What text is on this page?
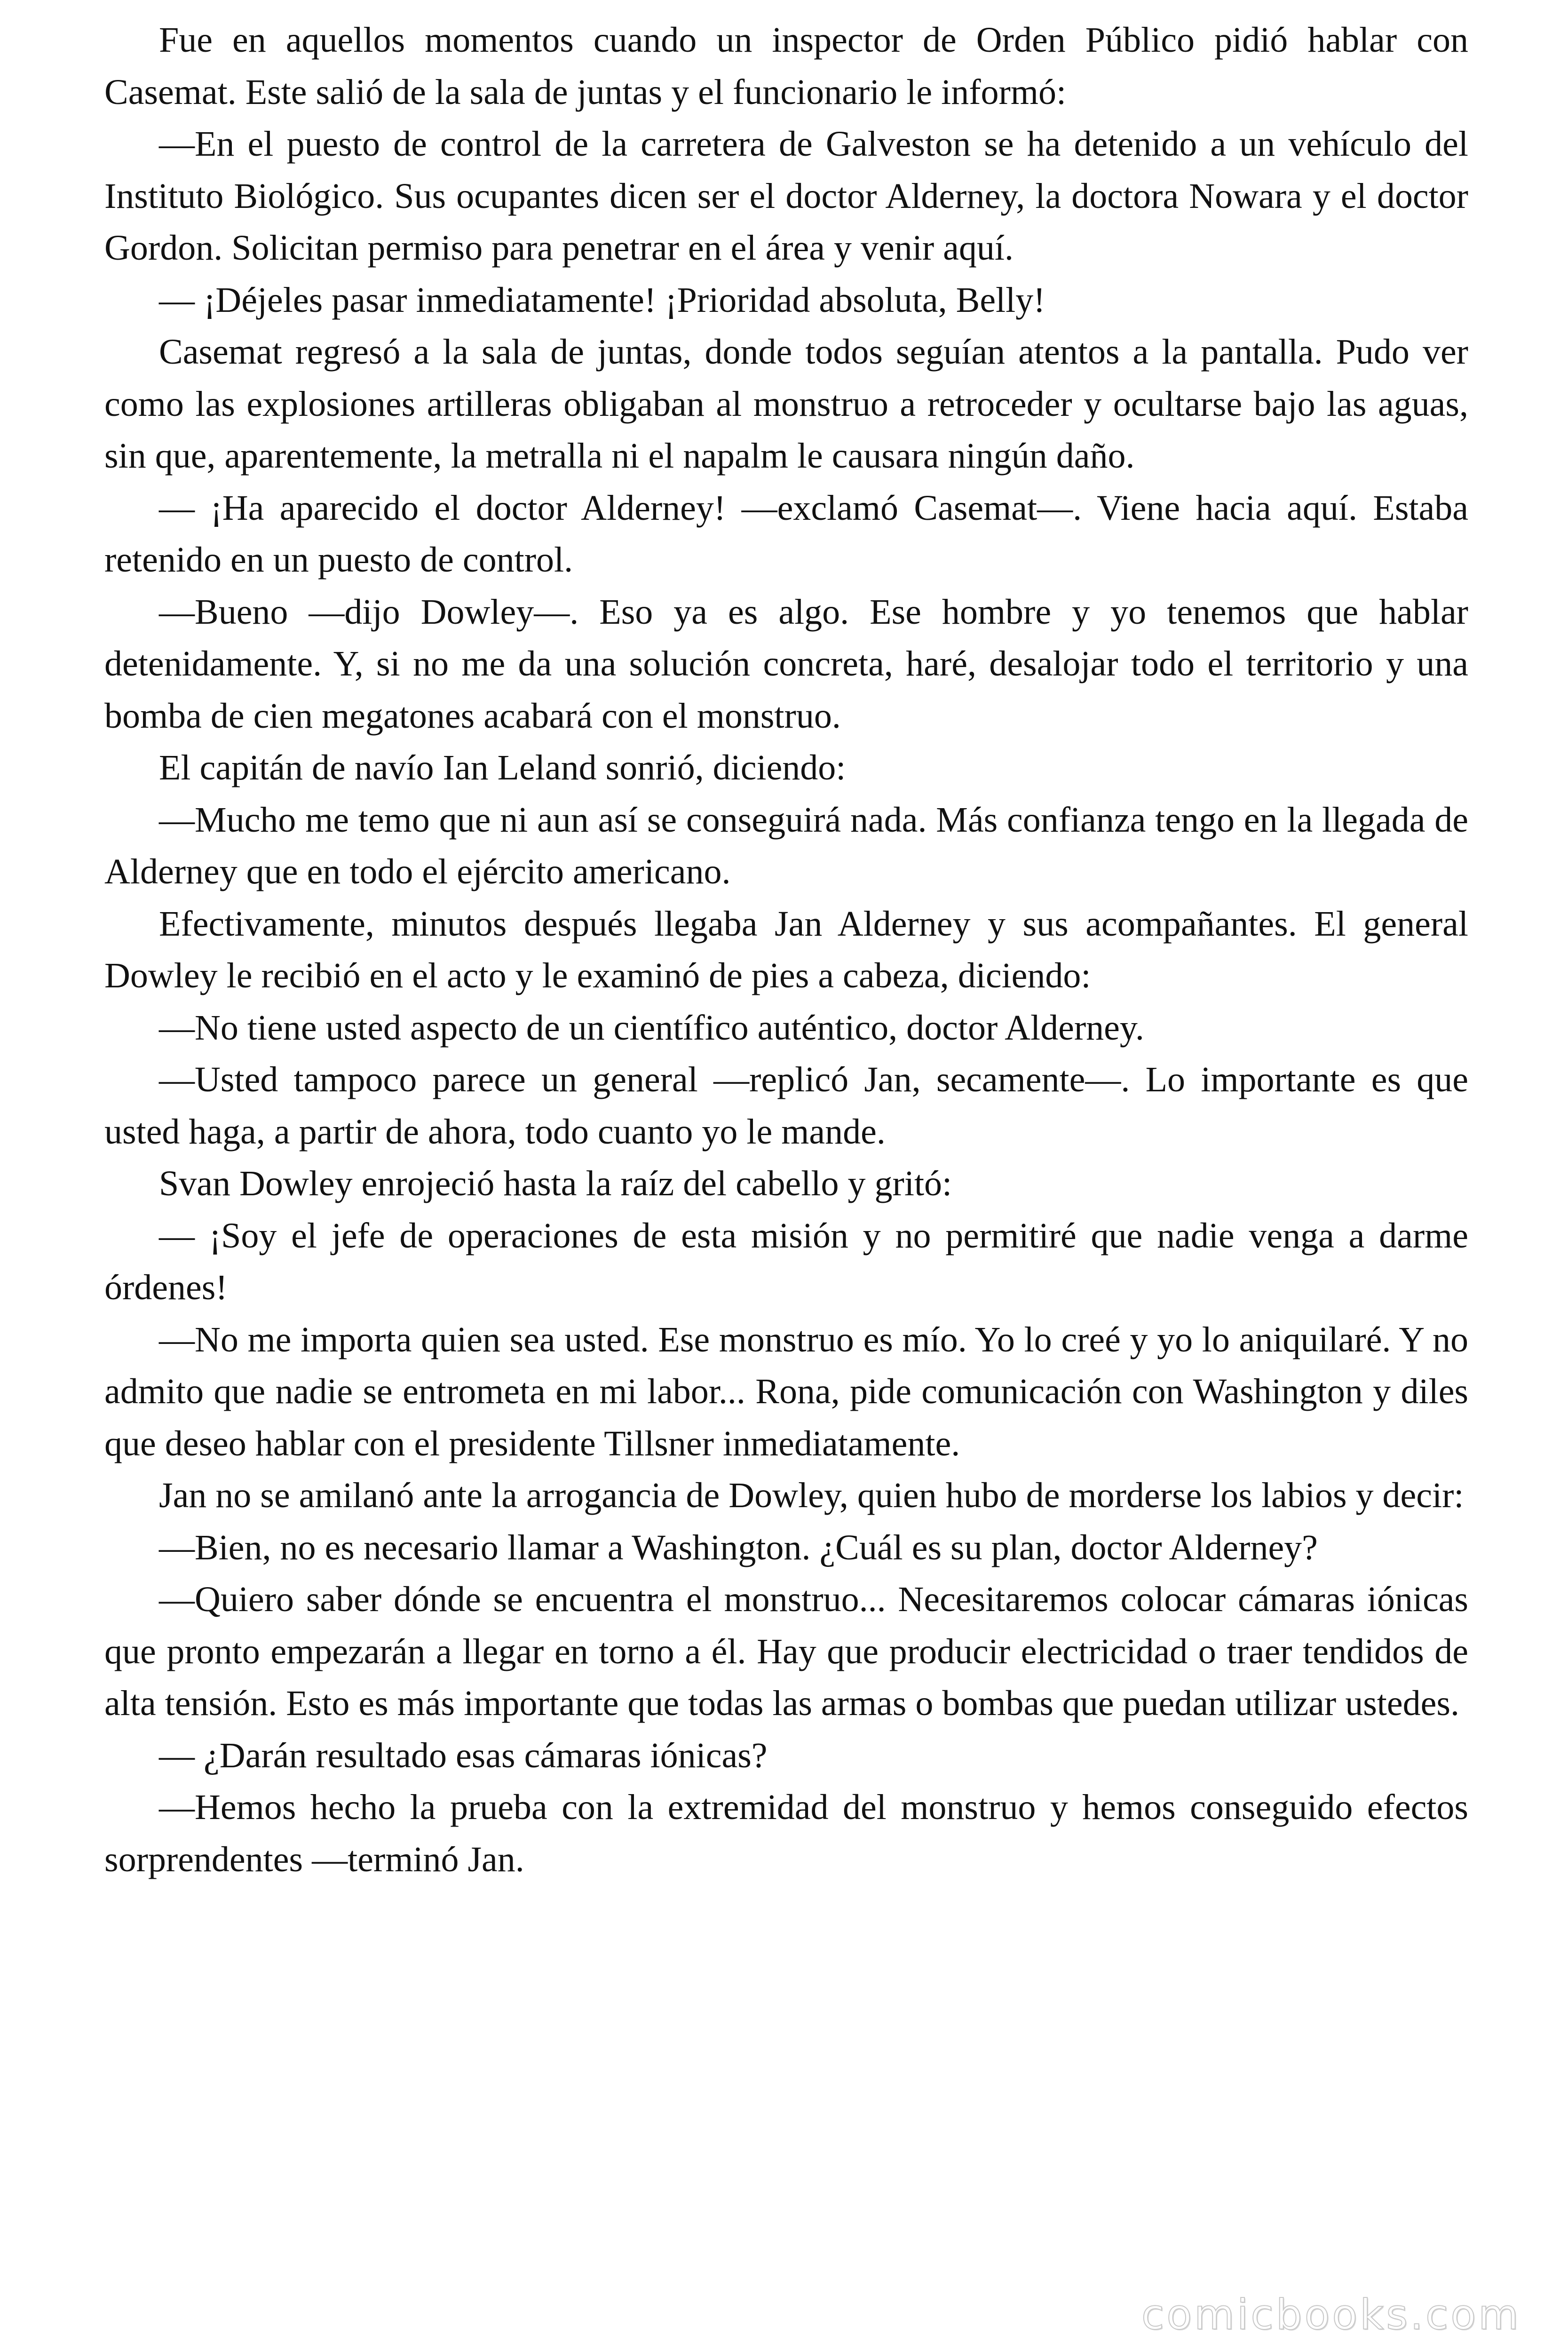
Fue en aquellos momentos cuando un inspector de Orden Público pidió hablar con Casemat. Este salió de la sala de juntas y el funcionario le informó:

—En el puesto de control de la carretera de Galveston se ha detenido a un vehículo del Instituto Biológico. Sus ocupantes dicen ser el doctor Alderney, la doctora Nowara y el doctor Gordon. Solicitan permiso para penetrar en el área y venir aquí.

— ¡Déjeles pasar inmediatamente! ¡Prioridad absoluta, Belly!

Casemat regresó a la sala de juntas, donde todos seguían atentos a la pantalla. Pudo ver como las explosiones artilleras obligaban al monstruo a retroceder y ocultarse bajo las aguas, sin que, aparentemente, la metralla ni el napalm le causara ningún daño.

— ¡Ha aparecido el doctor Alderney! —exclamó Casemat—. Viene hacia aquí. Estaba retenido en un puesto de control.

—Bueno —dijo Dowley—. Eso ya es algo. Ese hombre y yo tenemos que hablar detenidamente. Y, si no me da una solución concreta, haré, desalojar todo el territorio y una bomba de cien megatones acabará con el monstruo.

El capitán de navío Ian Leland sonrió, diciendo:

—Mucho me temo que ni aun así se conseguirá nada. Más confianza tengo en la llegada de Alderney que en todo el ejército americano.

Efectivamente, minutos después llegaba Jan Alderney y sus acompañantes. El general Dowley le recibió en el acto y le examinó de pies a cabeza, diciendo:

—No tiene usted aspecto de un científico auténtico, doctor Alderney.

—Usted tampoco parece un general —replicó Jan, secamente—. Lo importante es que usted haga, a partir de ahora, todo cuanto yo le mande.

Svan Dowley enrojeció hasta la raíz del cabello y gritó:

— ¡Soy el jefe de operaciones de esta misión y no permitiré que nadie venga a darme órdenes!

—No me importa quien sea usted. Ese monstruo es mío. Yo lo creé y yo lo aniquilaré. Y no admito que nadie se entrometa en mi labor... Rona, pide comunicación con Washington y diles que deseo hablar con el presidente Tillsner inmediatamente.

Jan no se amilanó ante la arrogancia de Dowley, quien hubo de morderse los labios y decir:

—Bien, no es necesario llamar a Washington. ¿Cuál es su plan, doctor Alderney?

—Quiero saber dónde se encuentra el monstruo... Necesitaremos colocar cámaras iónicas que pronto empezarán a llegar en torno a él. Hay que producir electricidad o traer tendidos de alta tensión. Esto es más importante que todas las armas o bombas que puedan utilizar ustedes.

— ¿Darán resultado esas cámaras iónicas?

—Hemos hecho la prueba con la extremidad del monstruo y hemos conseguido efectos sorprendentes —terminó Jan.

comicbooks.com
